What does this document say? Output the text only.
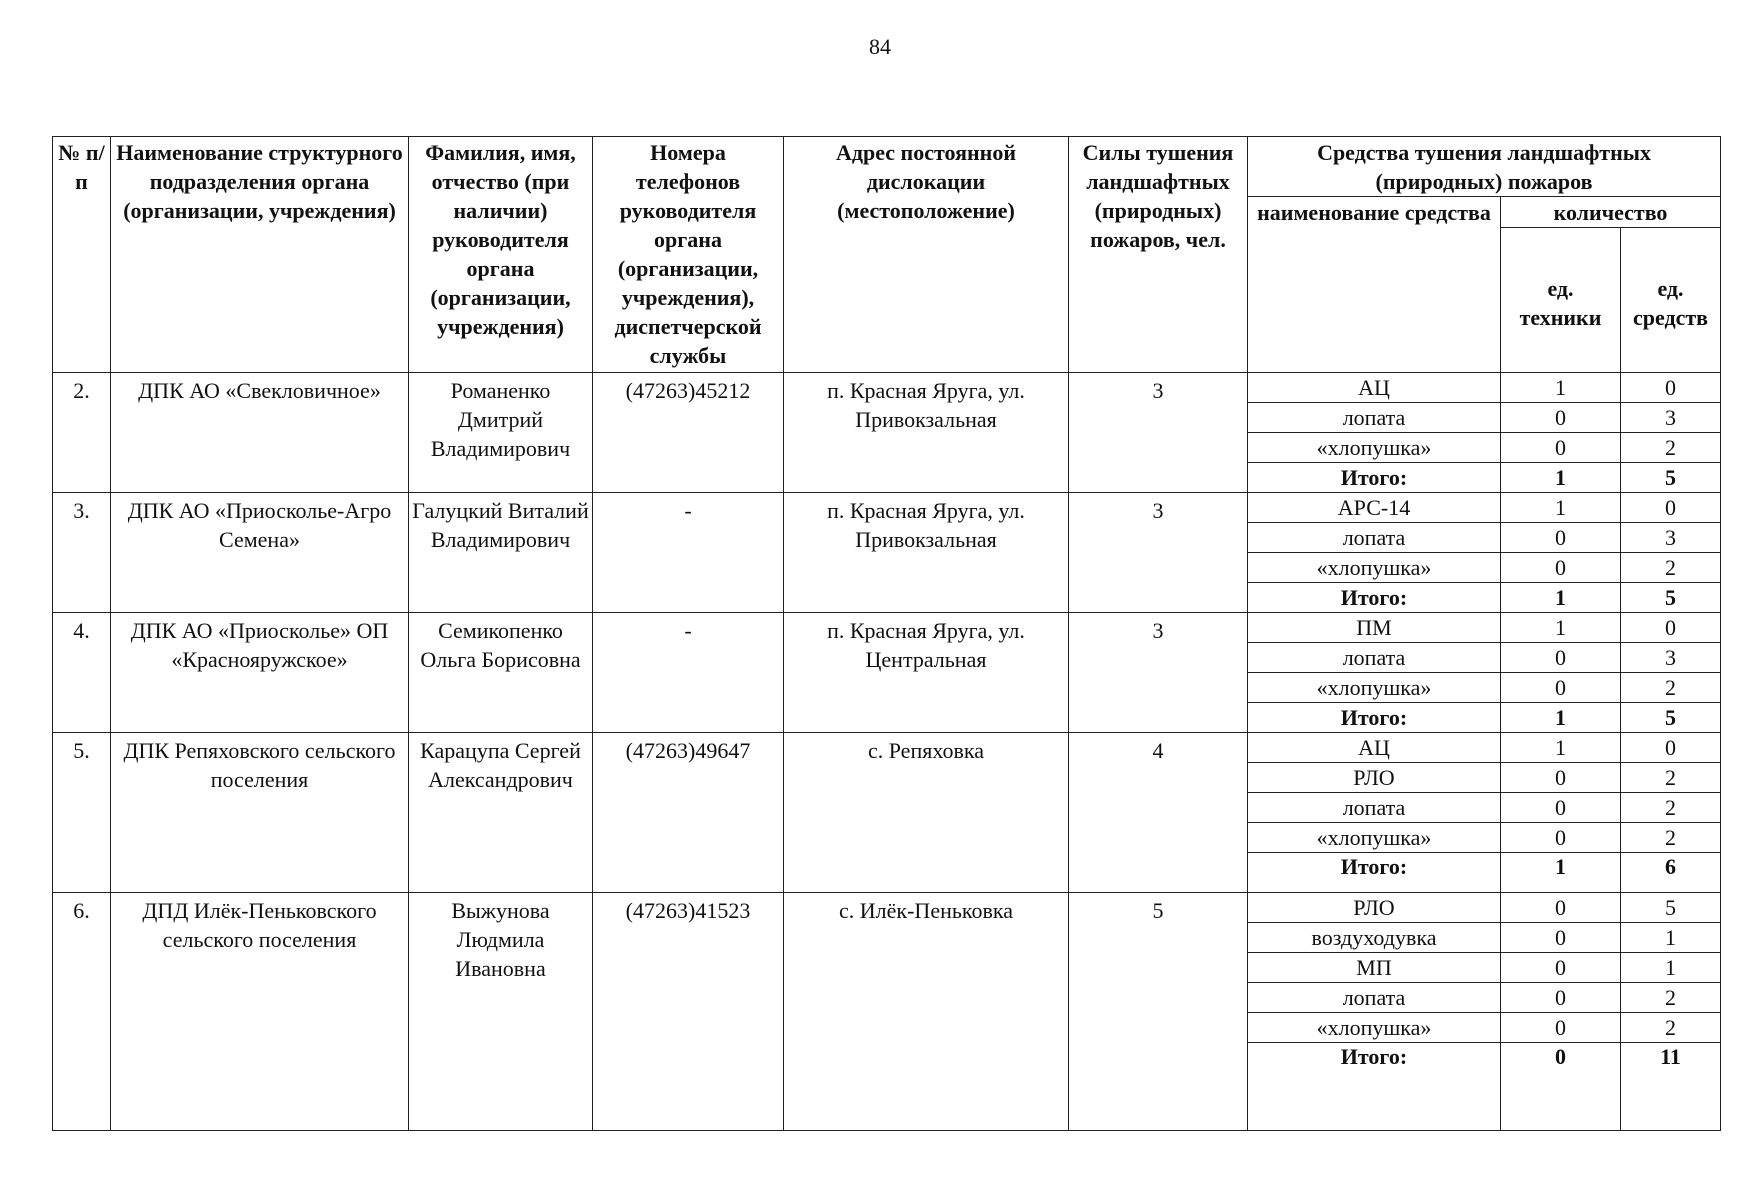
84
№ п/п	Наименование структурного подразделения органа (организации, учреждения)	Фамилия, имя, отчество (при наличии) руководителя органа (организации, учреждения)	Номера телефонов руководителя органа (организации, учреждения), диспетчерской службы	Адрес постоянной дислокации (местоположение)	Силы тушения ландшафтных (природных) пожаров, чел.	Средства тушения ландшафтных (природных) пожаров		
						наименование средства	количество	
							ед. техники	ед. средств
2.	ДПК АО «Свекловичное»	Романенко Дмитрий Владимирович	(47263)45212	п. Красная Яруга, ул. Привокзальная	3	АЦ	1	0
						лопата	0	3
						«хлопушка»	0	2
						Итого:	1	5
3.	ДПК АО «Приосколье-Агро Семена»	Галуцкий Виталий Владимирович	-	п. Красная Яруга, ул. Привокзальная	3	АРС-14	1	0
						лопата	0	3
						«хлопушка»	0	2
						Итого:	1	5
4.	ДПК АО «Приосколье» ОП «Краснояружское»	Семикопенко Ольга Борисовна	-	п. Красная Яруга, ул. Центральная	3	ПМ	1	0
						лопата	0	3
						«хлопушка»	0	2
						Итого:	1	5
5.	ДПК Репяховского сельского поселения	Карацупа Сергей Александрович	(47263)49647	с. Репяховка	4	АЦ	1	0
						РЛО	0	2
						лопата	0	2
						«хлопушка»	0	2
						Итого:	1	6
6.	ДПД Илёк-Пеньковского сельского поселения	Выжунова Людмила Ивановна	(47263)41523	с. Илёк-Пеньковка	5	РЛО	0	5
						воздуходувка	0	1
						МП	0	1
						лопата	0	2
						«хлопушка»	0	2
						Итого:	0	11
